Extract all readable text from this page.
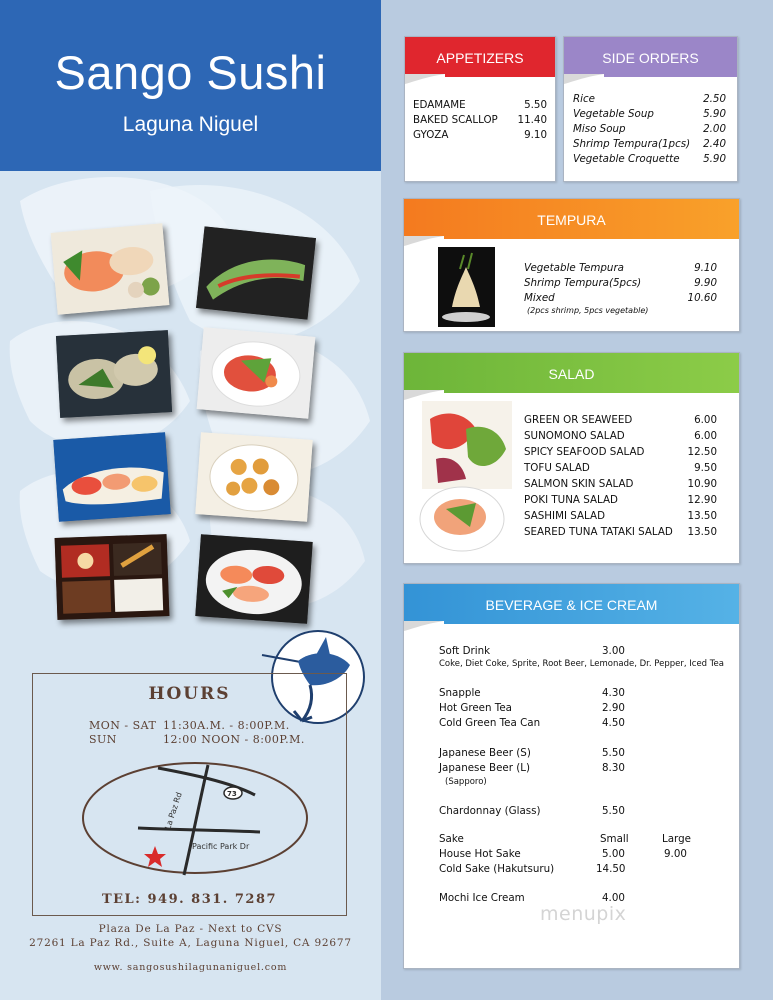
Sango Sushi
Laguna Niguel
HOURS
MON - SAT 11:30A.M. - 8:00P.M.
SUN	12:00 NOON - 8:00P.M.
TEL: 949. 831. 7287
73
La Paz Rd
Pacific Park Dr
Plaza De La Paz - Next to CVS
27261 La Paz Rd., Suite A, Laguna Niguel, CA 92677
www. sangosushilagunaniguel.com
APPETIZERS
EDAMAME	5.50
BAKED SCALLOP	11.40
GYOZA	9.10
SIDE ORDERS
Rice	2.50
Vegetable Soup	5.90
Miso Soup	2.00
Shrimp Tempura(1pcs)	2.40
Vegetable Croquette	5.90
TEMPURA
Vegetable Tempura	9.10
Shrimp Tempura(5pcs)	9.90
Mixed	10.60
(2pcs shrimp, 5pcs vegetable)
SALAD
GREEN OR SEAWEED	6.00
SUNOMONO SALAD	6.00
SPICY SEAFOOD SALAD	12.50
TOFU SALAD	9.50
SALMON SKIN SALAD	10.90
POKI TUNA SALAD	12.90
SASHIMI SALAD	13.50
SEARED TUNA TATAKI SALAD	13.50
BEVERAGE & ICE CREAM
Soft Drink	3.00
Coke, Diet Coke, Sprite, Root Beer, Lemonade, Dr. Pepper, Iced Tea
Snapple	4.30
Hot Green Tea	2.90
Cold Green Tea Can	4.50
Japanese Beer (S)	5.50
Japanese Beer (L)	8.30
(Sapporo)
Chardonnay (Glass)	5.50
Sake	Small	Large
House Hot Sake	5.00	9.00
Cold Sake (Hakutsuru)	14.50
Mochi Ice Cream	4.00
menupix
